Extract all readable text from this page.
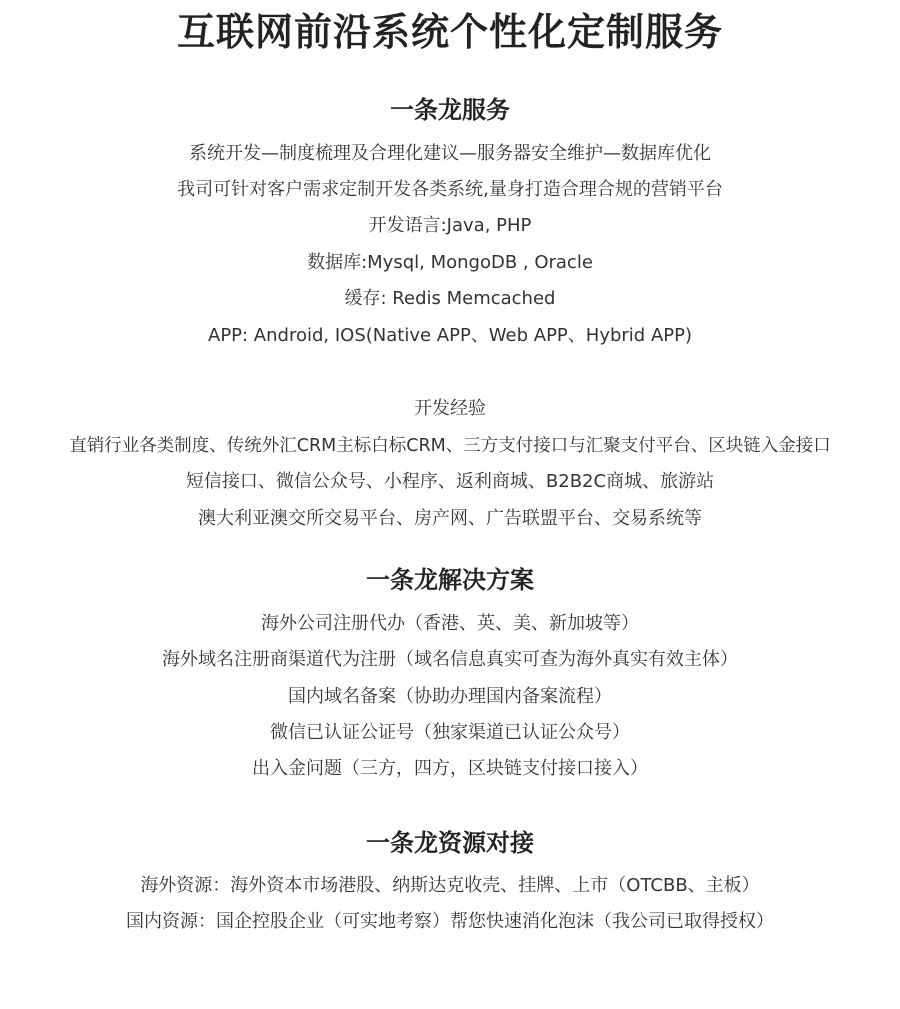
互联网前沿系统个性化定制服务
一条龙服务

系统开发—制度梳理及合理化建议—服务器安全维护—数据库优化

我司可针对客户需求定制开发各类系统,量身打造合理合规的营销平台

开发语言:Java, PHP

数据库:Mysql, MongoDB , Oracle

缓存: Redis Memcached

APP: Android, IOS(Native APP、Web APP、Hybrid APP)

开发经验

直销行业各类制度、传统外汇CRM主标白标CRM、三方支付接口与汇聚支付平台、区块链入金接口

短信接口、微信公众号、小程序、返利商城、B2B2C商城、旅游站

澳大利亚澳交所交易平台、房产网、广告联盟平台、交易系统等

一条龙解决方案

海外公司注册代办（香港、英、美、新加坡等）

海外域名注册商渠道代为注册（域名信息真实可查为海外真实有效主体）

国内域名备案（协助办理国内备案流程）

微信已认证公证号（独家渠道已认证公众号）

出入金问题（三方，四方，区块链支付接口接入）

一条龙资源对接

海外资源：海外资本市场港股、纳斯达克收壳、挂牌、上市（OTCBB、主板）

国内资源：国企控股企业（可实地考察）帮您快速消化泡沫（我公司已取得授权）
